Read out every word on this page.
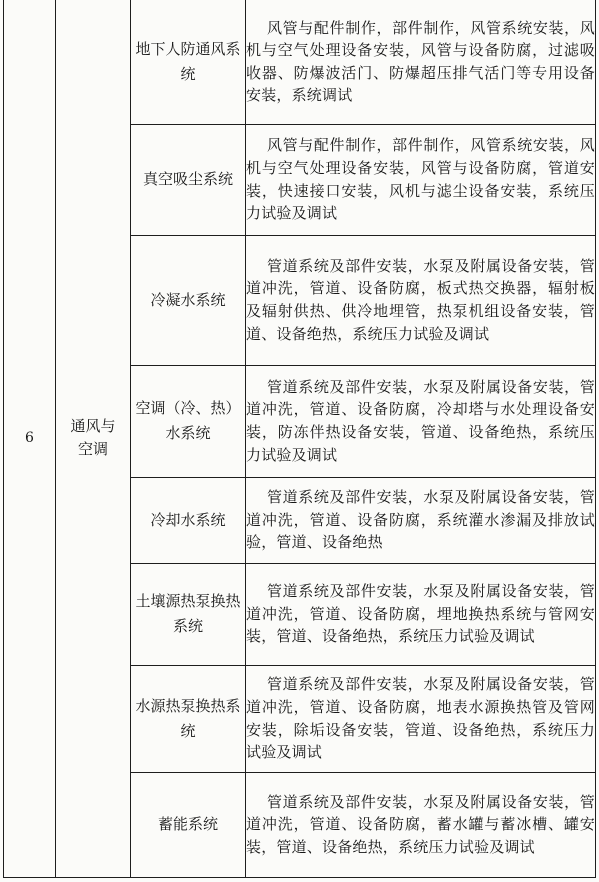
6	通风与空调	地下人防通风系统	风管与配件制作，部件制作，风管系统安装，风机与空气处理设备安装，风管与设备防腐，过滤吸收器、防爆波活门、防爆超压排气活门等专用设备安装，系统调试
		真空吸尘系统	风管与配件制作，部件制作，风管系统安装，风机与空气处理设备安装，风管与设备防腐，管道安装，快速接口安装，风机与滤尘设备安装，系统压力试验及调试
		冷凝水系统	管道系统及部件安装，水泵及附属设备安装，管道冲洗，管道、设备防腐，板式热交换器，辐射板及辐射供热、供冷地埋管，热泵机组设备安装，管道、设备绝热，系统压力试验及调试
		空调（冷、热）水系统	管道系统及部件安装，水泵及附属设备安装，管道冲洗，管道、设备防腐，冷却塔与水处理设备安装，防冻伴热设备安装，管道、设备绝热，系统压力试验及调试
		冷却水系统	管道系统及部件安装，水泵及附属设备安装，管道冲洗，管道、设备防腐，系统灌水渗漏及排放试验，管道、设备绝热
		土壤源热泵换热系统	管道系统及部件安装，水泵及附属设备安装，管道冲洗，管道、设备防腐，埋地换热系统与管网安装，管道、设备绝热，系统压力试验及调试
		水源热泵换热系统	管道系统及部件安装，水泵及附属设备安装，管道冲洗，管道、设备防腐，地表水源换热管及管网安装，除垢设备安装，管道、设备绝热，系统压力试验及调试
		蓄能系统	管道系统及部件安装，水泵及附属设备安装，管道冲洗，管道、设备防腐，蓄水罐与蓄冰槽、罐安装，管道、设备绝热，系统压力试验及调试
